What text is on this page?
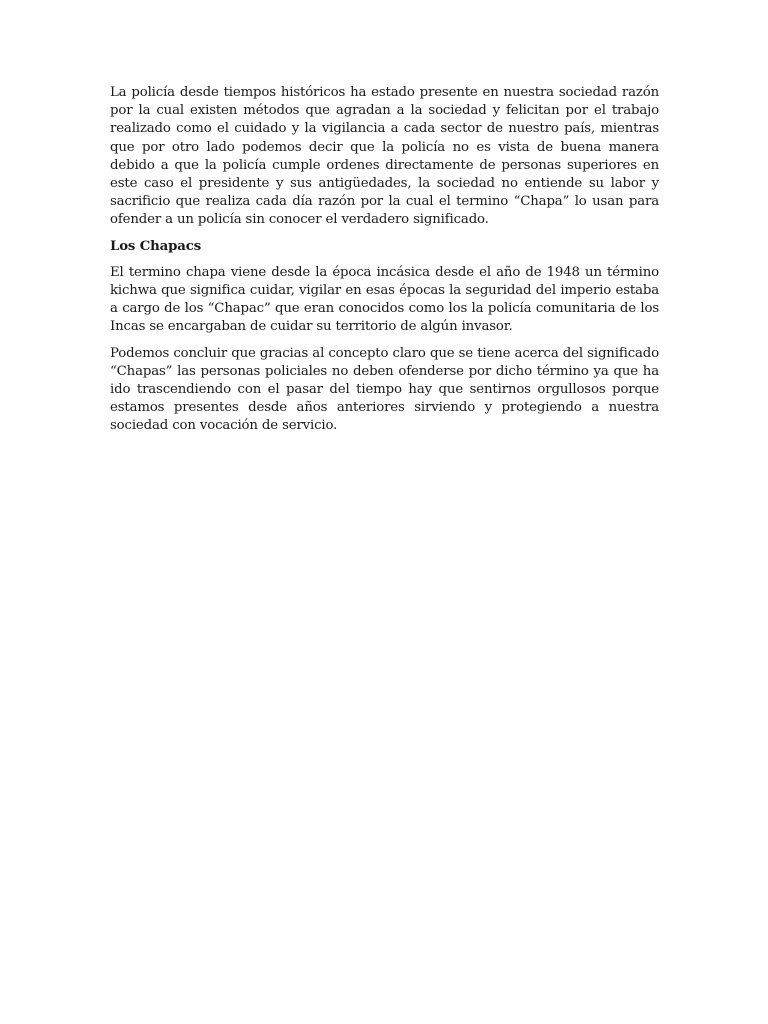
La policía desde tiempos históricos ha estado presente en nuestra sociedad razón por la cual existen métodos que agradan a la sociedad y felicitan por el trabajo realizado como el cuidado y la vigilancia a cada sector de nuestro país, mientras que por otro lado podemos decir que la policía no es vista de buena manera debido a que la policía cumple ordenes directamente de personas superiores en este caso el presidente y sus antigüedades, la sociedad no entiende su labor y sacrificio que realiza cada día razón por la cual el termino “Chapa” lo usan para ofender a un policía sin conocer el verdadero significado.

Los Chapacs

El termino chapa viene desde la época incásica desde el año de 1948 un término kichwa que significa cuidar, vigilar en esas épocas la seguridad del imperio estaba a cargo de los “Chapac” que eran conocidos como los la policía comunitaria de los Incas se encargaban de cuidar su territorio de algún invasor.

Podemos concluir que gracias al concepto claro que se tiene acerca del significado “Chapas” las personas policiales no deben ofenderse por dicho término ya que ha ido trascendiendo con el pasar del tiempo hay que sentirnos orgullosos porque estamos presentes desde años anteriores sirviendo y protegiendo a nuestra sociedad con vocación de servicio.
